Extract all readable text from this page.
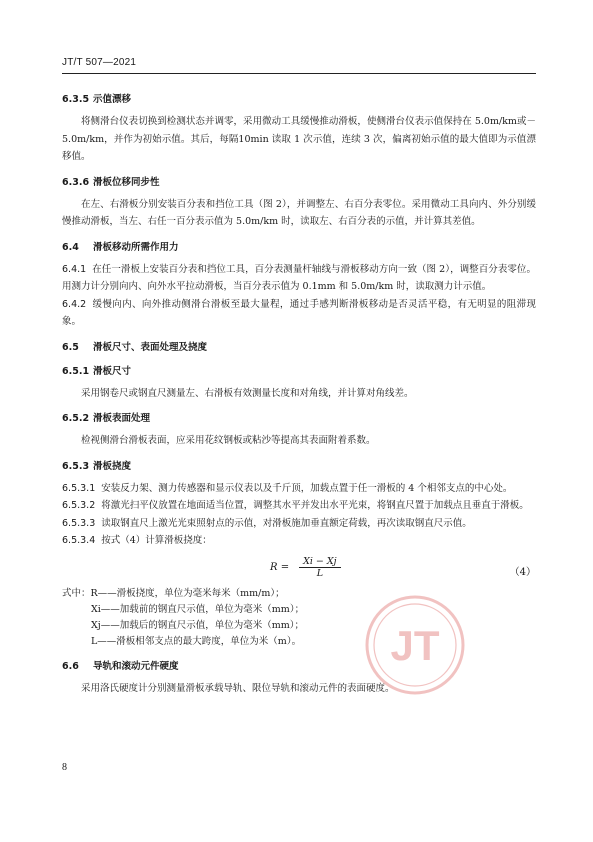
JT/T 507—2021
6.3.5 示值漂移
将侧滑台仪表切换到检测状态并调零，采用微动工具缓慢推动滑板，使侧滑台仪表示值保持在 5.0m/km或－5.0m/km，并作为初始示值。其后，每隔10min 读取 1 次示值，连续 3 次，偏离初始示值的最大值即为示值漂移值。
6.3.6 滑板位移同步性
在左、右滑板分别安装百分表和挡位工具（图 2），并调整左、右百分表零位。采用微动工具向内、外分别缓慢推动滑板，当左、右任一百分表示值为 5.0m/km 时，读取左、右百分表的示值，并计算其差值。
6.4 滑板移动所需作用力
6.4.1 在任一滑板上安装百分表和挡位工具，百分表测量杆轴线与滑板移动方向一致（图 2），调整百分表零位。用测力计分别向内、向外水平拉动滑板，当百分表示值为 0.1mm 和 5.0m/km 时，读取测力计示值。
6.4.2 缓慢向内、向外推动侧滑台滑板至最大量程，通过手感判断滑板移动是否灵活平稳，有无明显的阻滞现象。
6.5 滑板尺寸、表面处理及挠度
6.5.1 滑板尺寸
采用钢卷尺或钢直尺测量左、右滑板有效测量长度和对角线，并计算对角线差。
6.5.2 滑板表面处理
检视侧滑台滑板表面，应采用花纹钢板或粘沙等提高其表面附着系数。
6.5.3 滑板挠度
6.5.3.1 安装反力架、测力传感器和显示仪表以及千斤顶，加载点置于任一滑板的 4 个相邻支点的中心处。
6.5.3.2 将激光扫平仪放置在地面适当位置，调整其水平并发出水平光束，将钢直尺置于加载点且垂直于滑板。
6.5.3.3 读取钢直尺上激光光束照射点的示值，对滑板施加垂直额定荷载，再次读取钢直尺示值。
6.5.3.4 按式（4）计算滑板挠度：
$R = \frac{Xi - Xj}{L}$	（4）
式中：R——滑板挠度，单位为毫米每米（mm/m）；
Xi——加载前的钢直尺示值，单位为毫米（mm）；
Xj——加载后的钢直尺示值，单位为毫米（mm）；
L——滑板相邻支点的最大跨度，单位为米（m）。
6.6 导轨和滚动元件硬度
采用洛氏硬度计分别测量滑板承载导轨、限位导轨和滚动元件的表面硬度。
JT
8
